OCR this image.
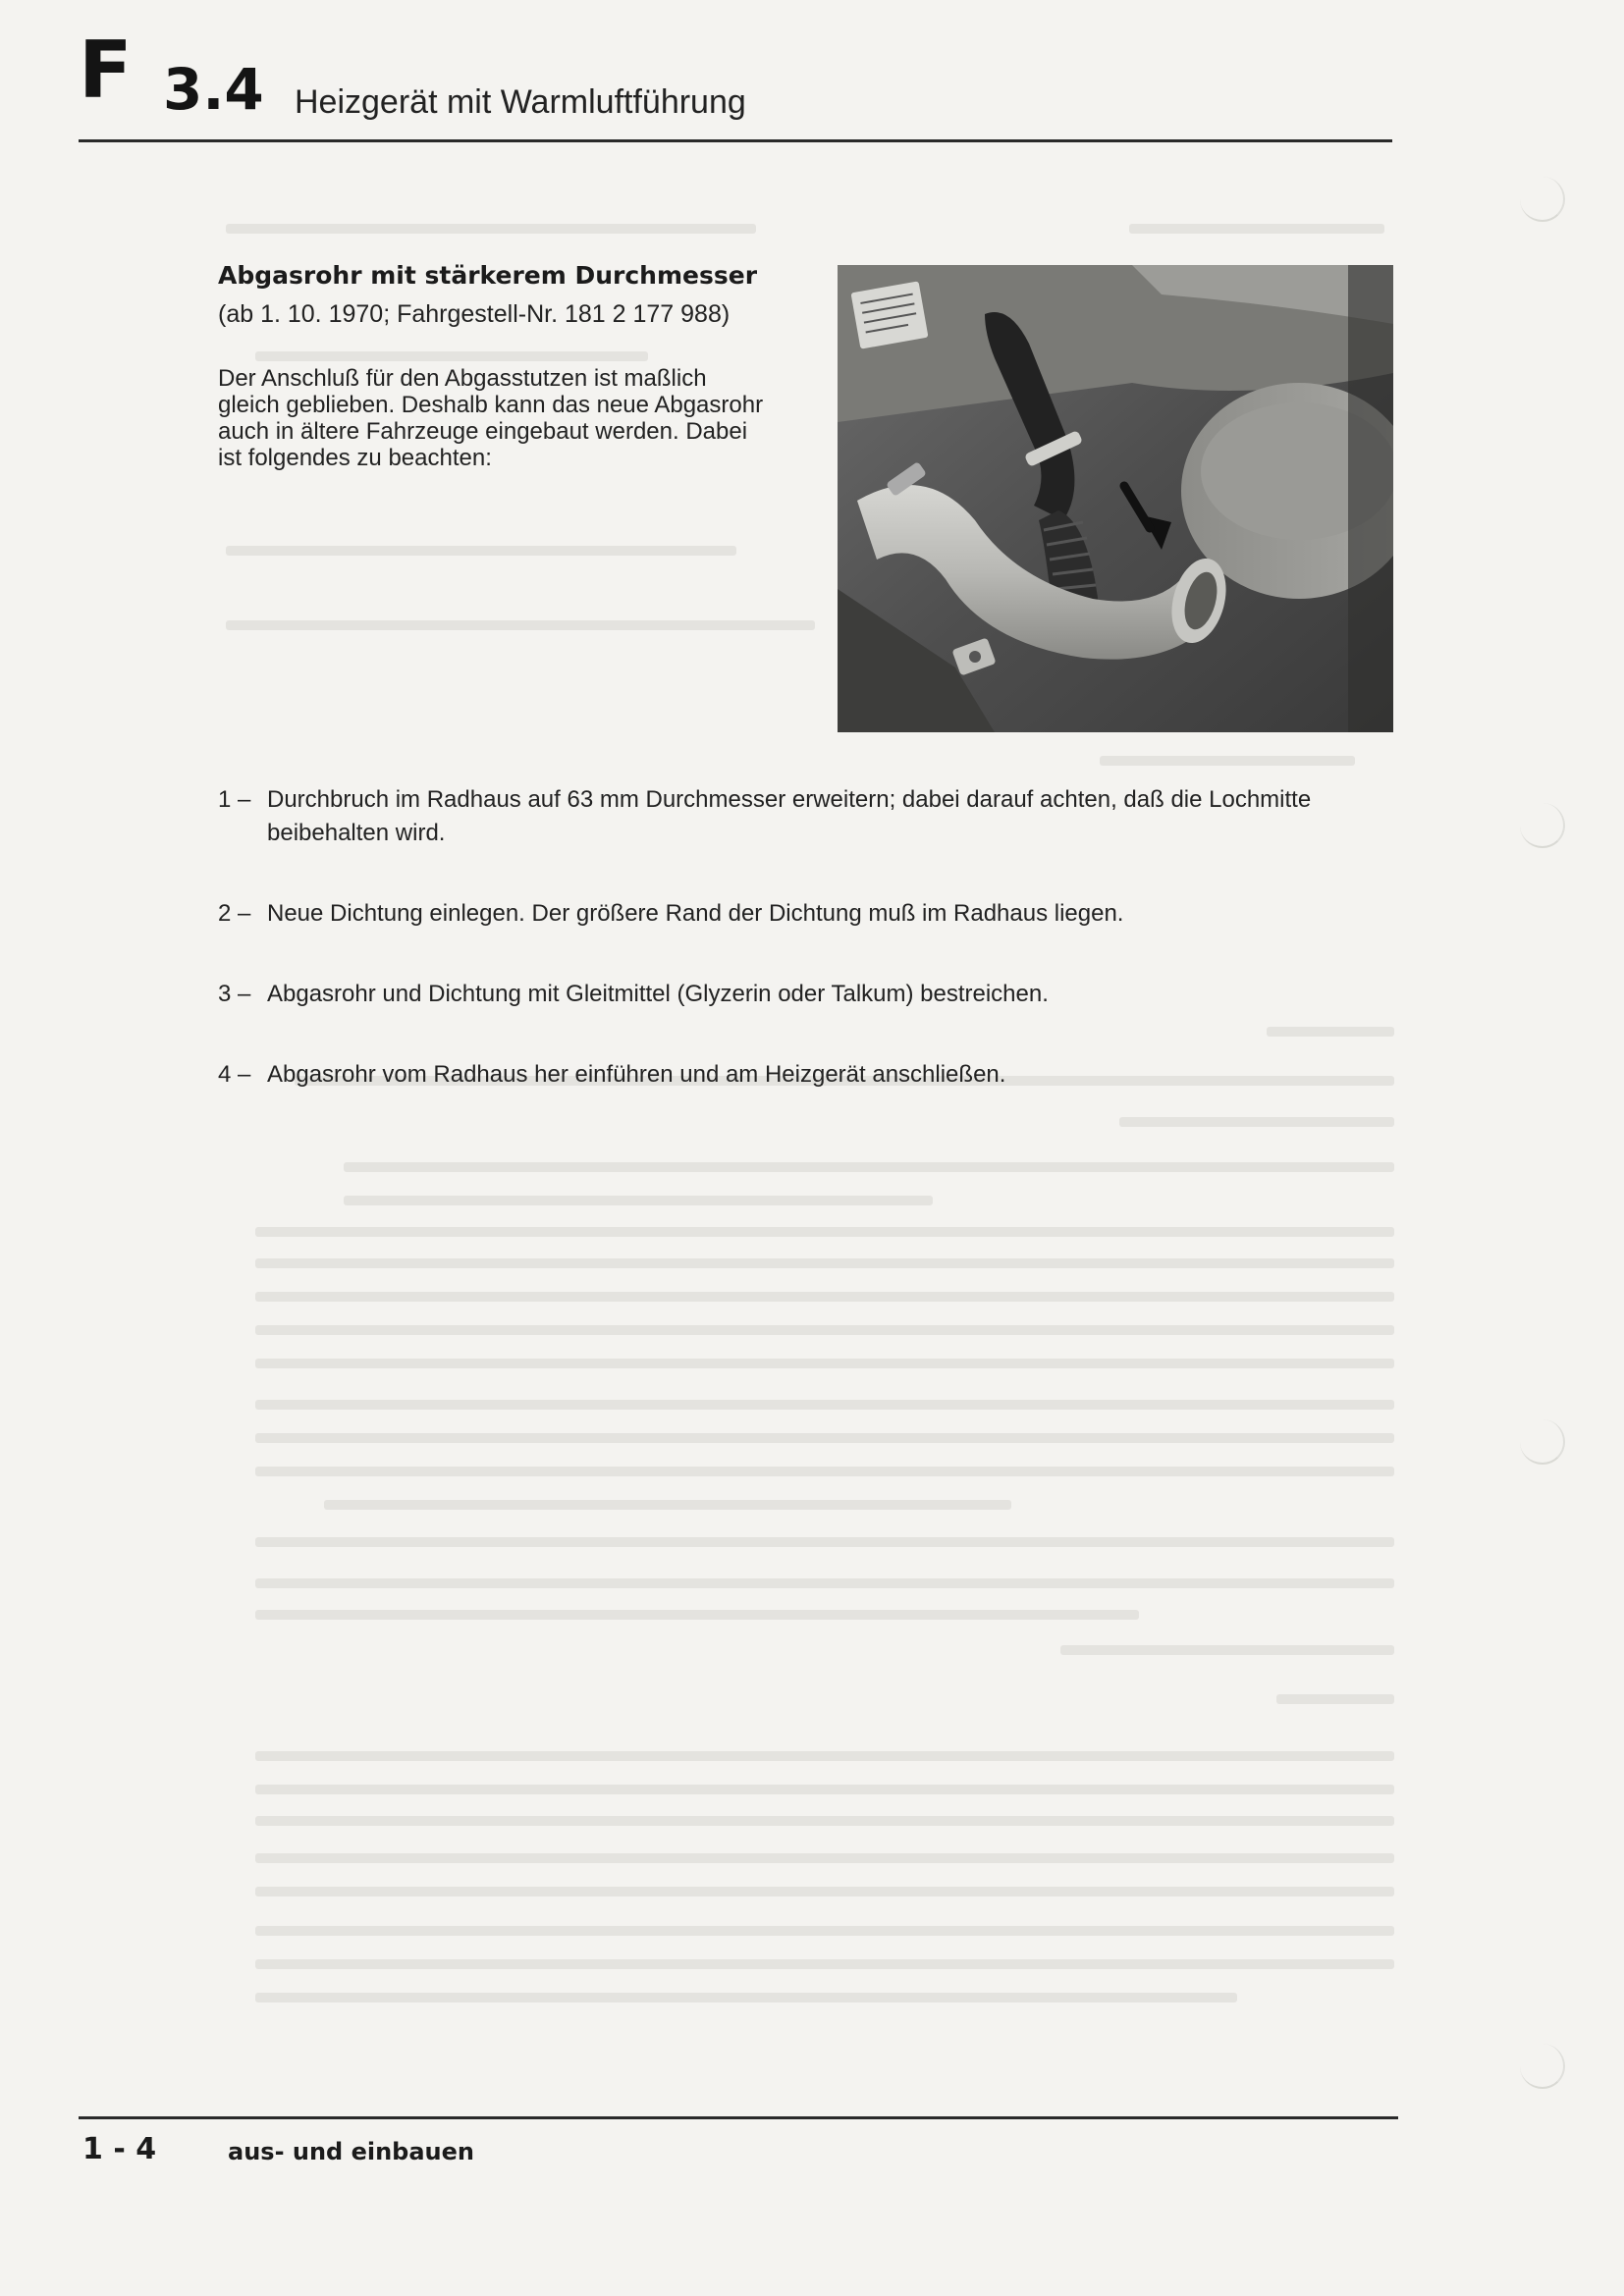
F 3.4 Heizgerät mit Warmluftführung
Abgasrohr mit stärkerem Durchmesser
(ab 1. 10. 1970; Fahrgestell-Nr. 181 2 177 988)

Der Anschluß für den Abgasstutzen ist maßlich gleich geblieben. Deshalb kann das neue Abgasrohr auch in ältere Fahrzeuge eingebaut werden. Dabei ist folgendes zu beachten:

1 – Durchbruch im Radhaus auf 63 mm Durchmesser erweitern; dabei darauf achten, daß die Lochmitte beibehalten wird.
2 – Neue Dichtung einlegen. Der größere Rand der Dichtung muß im Radhaus liegen.
3 – Abgasrohr und Dichtung mit Gleitmittel (Glyzerin oder Talkum) bestreichen.
4 – Abgasrohr vom Radhaus her einführen und am Heizgerät anschließen.
1 - 4	aus- und einbauen
